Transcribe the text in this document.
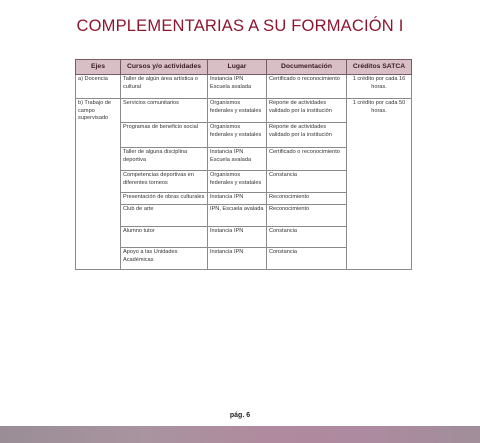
COMPLEMENTARIAS A SU FORMACIÓN I
Ejes	Cursos y/o actividades	Lugar	Documentación	Créditos SATCA
a) Docencia	Taller de algún área artística o cultural	Instancia IPN Escuela avalada	Certificado o reconocimiento	1 crédito por cada 16 horas.
b) Trabajo de campo supervisado	Servicios comunitarios	Organismos federales y estatales	Reporte de actividades validado por la institución	1 crédito por cada 50 horas.
	Programas de beneficio social	Organismos federales y estatales	Reporte de actividades validado por la institución	
	Taller de alguna disciplina deportiva	Instancia IPN Escuela avalada	Certificado o reconocimiento	
	Competencias deportivas en diferentes torneos	Organismos federales y estatales	Constancia	
	Presentación de obras culturales	Instancia IPN	Reconocimiento	
	Club de arte	IPN, Escuela avalada	Reconocimiento	
	Alumno tutor	Instancia IPN	Constancia	
	Apoyo a las Unidades Académicas	Instancia IPN	Constancia	
pág. 6
